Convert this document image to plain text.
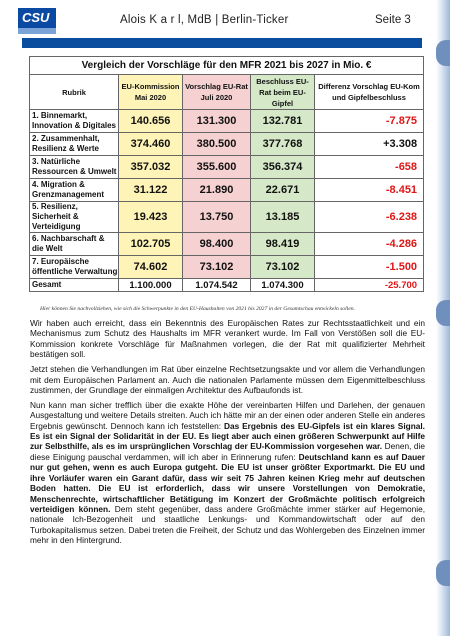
CSU	Alois K a r l, MdB | Berlin-Ticker	Seite 3
Vergleich der Vorschläge für den MFR 2021 bis 2027 in Mio. €				
Rubrik	EU-Kommission Mai 2020	Vorschlag EU-Rat Juli 2020	Beschluss EU-Rat beim EU-Gipfel	Differenz Vorschlag EU-Kom und Gipfelbeschluss
1. Binnemarkt, Innovation & Digitales	140.656	131.300	132.781	-7.875
2. Zusammenhalt, Resilienz & Werte	374.460	380.500	377.768	+3.308
3. Natürliche Ressourcen & Umwelt	357.032	355.600	356.374	-658
4. Migration & Grenzmanagement	31.122	21.890	22.671	-8.451
5. Resilienz, Sicherheit & Verteidigung	19.423	13.750	13.185	-6.238
6. Nachbarschaft & die Welt	102.705	98.400	98.419	-4.286
7. Europäische öffentliche Verwaltung	74.602	73.102	73.102	-1.500
Gesamt	1.100.000	1.074.542	1.074.300	-25.700
Hier können Sie nachvollziehen, wie sich die Schwerpunkte in den EU-Haushalten von 2021 bis 2027 in der Gesamtschau entwickeln sollen.

Wir haben auch erreicht, dass ein Bekenntnis des Europäischen Rates zur Rechtsstaatlichkeit und ein Mechanismus zum Schutz des Haushalts im MFR verankert wurde. Im Fall von Verstößen soll die EU-Kommission konkrete Vorschläge für Maßnahmen vorlegen, die der Rat mit qualifizierter Mehrheit bestätigen soll.

Jetzt stehen die Verhandlungen im Rat über einzelne Rechtsetzungsakte und vor allem die Verhandlungen mit dem Europäischen Parlament an. Auch die nationalen Parlamente müssen dem Eigenmittelbeschluss zustimmen, der Grundlage der einmaligen Architektur des Aufbaufonds ist.

Nun kann man sicher trefflich über die exakte Höhe der vereinbarten Hilfen und Darlehen, der genauen Ausgestaltung und weitere Details streiten. Auch ich hätte mir an der einen oder anderen Stelle ein anderes Ergebnis gewünscht. Dennoch kann ich feststellen: Das Ergebnis des EU-Gipfels ist ein klares Signal. Es ist ein Signal der Solidarität in der EU. Es liegt aber auch einen größeren Schwerpunkt auf Hilfe zur Selbsthilfe, als es im ursprünglichen Vorschlag der EU-Kommission vorgesehen war. Denen, die diese Einigung pauschal verdammen, will ich aber in Erinnerung rufen: Deutschland kann es auf Dauer nur gut gehen, wenn es auch Europa gutgeht. Die EU ist unser größter Exportmarkt. Die EU und ihre Vorläufer waren ein Garant dafür, dass wir seit 75 Jahren keinen Krieg mehr auf deutschen Boden hatten. Die EU ist erforderlich, dass wir unsere Vorstellungen von Demokratie, Menschenrechte, wirtschaftlicher Betätigung im Konzert der Großmächte politisch erfolgreich verteidigen können. Dem steht gegenüber, dass andere Großmächte immer stärker auf Hegemonie, nationale Ich-Bezogenheit und staatliche Lenkungs- und Kommandowirtschaft oder auf den Turbokapitalismus setzen. Dabei treten die Freiheit, der Schutz und das Wohlergeben des Einzelnen immer mehr in den Hintergrund.
